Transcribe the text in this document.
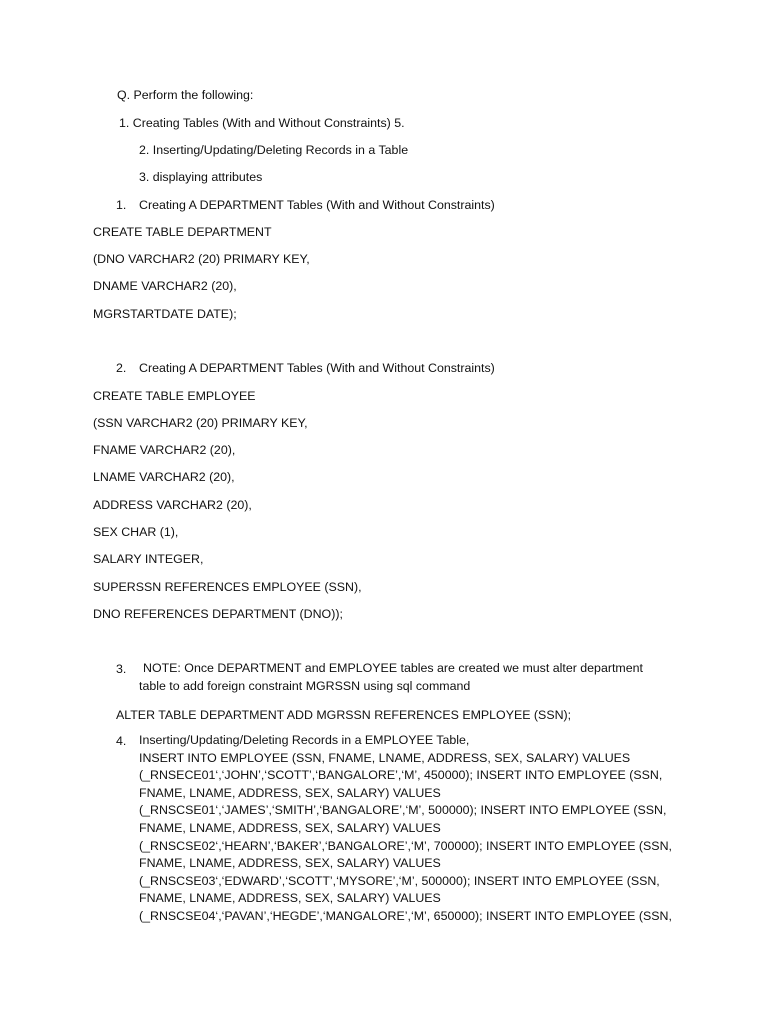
Q. Perform the following:
1. Creating Tables (With and Without Constraints) 5.
2. Inserting/Updating/Deleting Records in a Table
3. displaying attributes
1. Creating A DEPARTMENT Tables (With and Without Constraints)
CREATE TABLE DEPARTMENT
(DNO VARCHAR2 (20) PRIMARY KEY,
DNAME VARCHAR2 (20),
MGRSTARTDATE DATE);
2. Creating A DEPARTMENT Tables (With and Without Constraints)
CREATE TABLE EMPLOYEE
(SSN VARCHAR2 (20) PRIMARY KEY,
FNAME VARCHAR2 (20),
LNAME VARCHAR2 (20),
ADDRESS VARCHAR2 (20),
SEX CHAR (1),
SALARY INTEGER,
SUPERSSN REFERENCES EMPLOYEE (SSN),
DNO REFERENCES DEPARTMENT (DNO));
3. NOTE: Once DEPARTMENT and EMPLOYEE tables are created we must alter department
table to add foreign constraint MGRSSN using sql command
ALTER TABLE DEPARTMENT ADD MGRSSN REFERENCES EMPLOYEE (SSN);
4. Inserting/Updating/Deleting Records in a EMPLOYEE Table,
INSERT INTO EMPLOYEE (SSN, FNAME, LNAME, ADDRESS, SEX, SALARY) VALUES
(_RNSECE01‘,‘JOHN’,‘SCOTT’,‘BANGALORE’,‘M’, 450000); INSERT INTO EMPLOYEE (SSN,
FNAME, LNAME, ADDRESS, SEX, SALARY) VALUES
(_RNSCSE01‘,‘JAMES’,‘SMITH’,‘BANGALORE’,‘M’, 500000); INSERT INTO EMPLOYEE (SSN,
FNAME, LNAME, ADDRESS, SEX, SALARY) VALUES
(_RNSCSE02‘,‘HEARN’,‘BAKER’,‘BANGALORE’,‘M’, 700000); INSERT INTO EMPLOYEE (SSN,
FNAME, LNAME, ADDRESS, SEX, SALARY) VALUES
(_RNSCSE03‘,‘EDWARD’,‘SCOTT’,‘MYSORE’,‘M’, 500000); INSERT INTO EMPLOYEE (SSN,
FNAME, LNAME, ADDRESS, SEX, SALARY) VALUES
(_RNSCSE04‘,‘PAVAN’,‘HEGDE’,‘MANGALORE’,‘M’, 650000); INSERT INTO EMPLOYEE (SSN,
